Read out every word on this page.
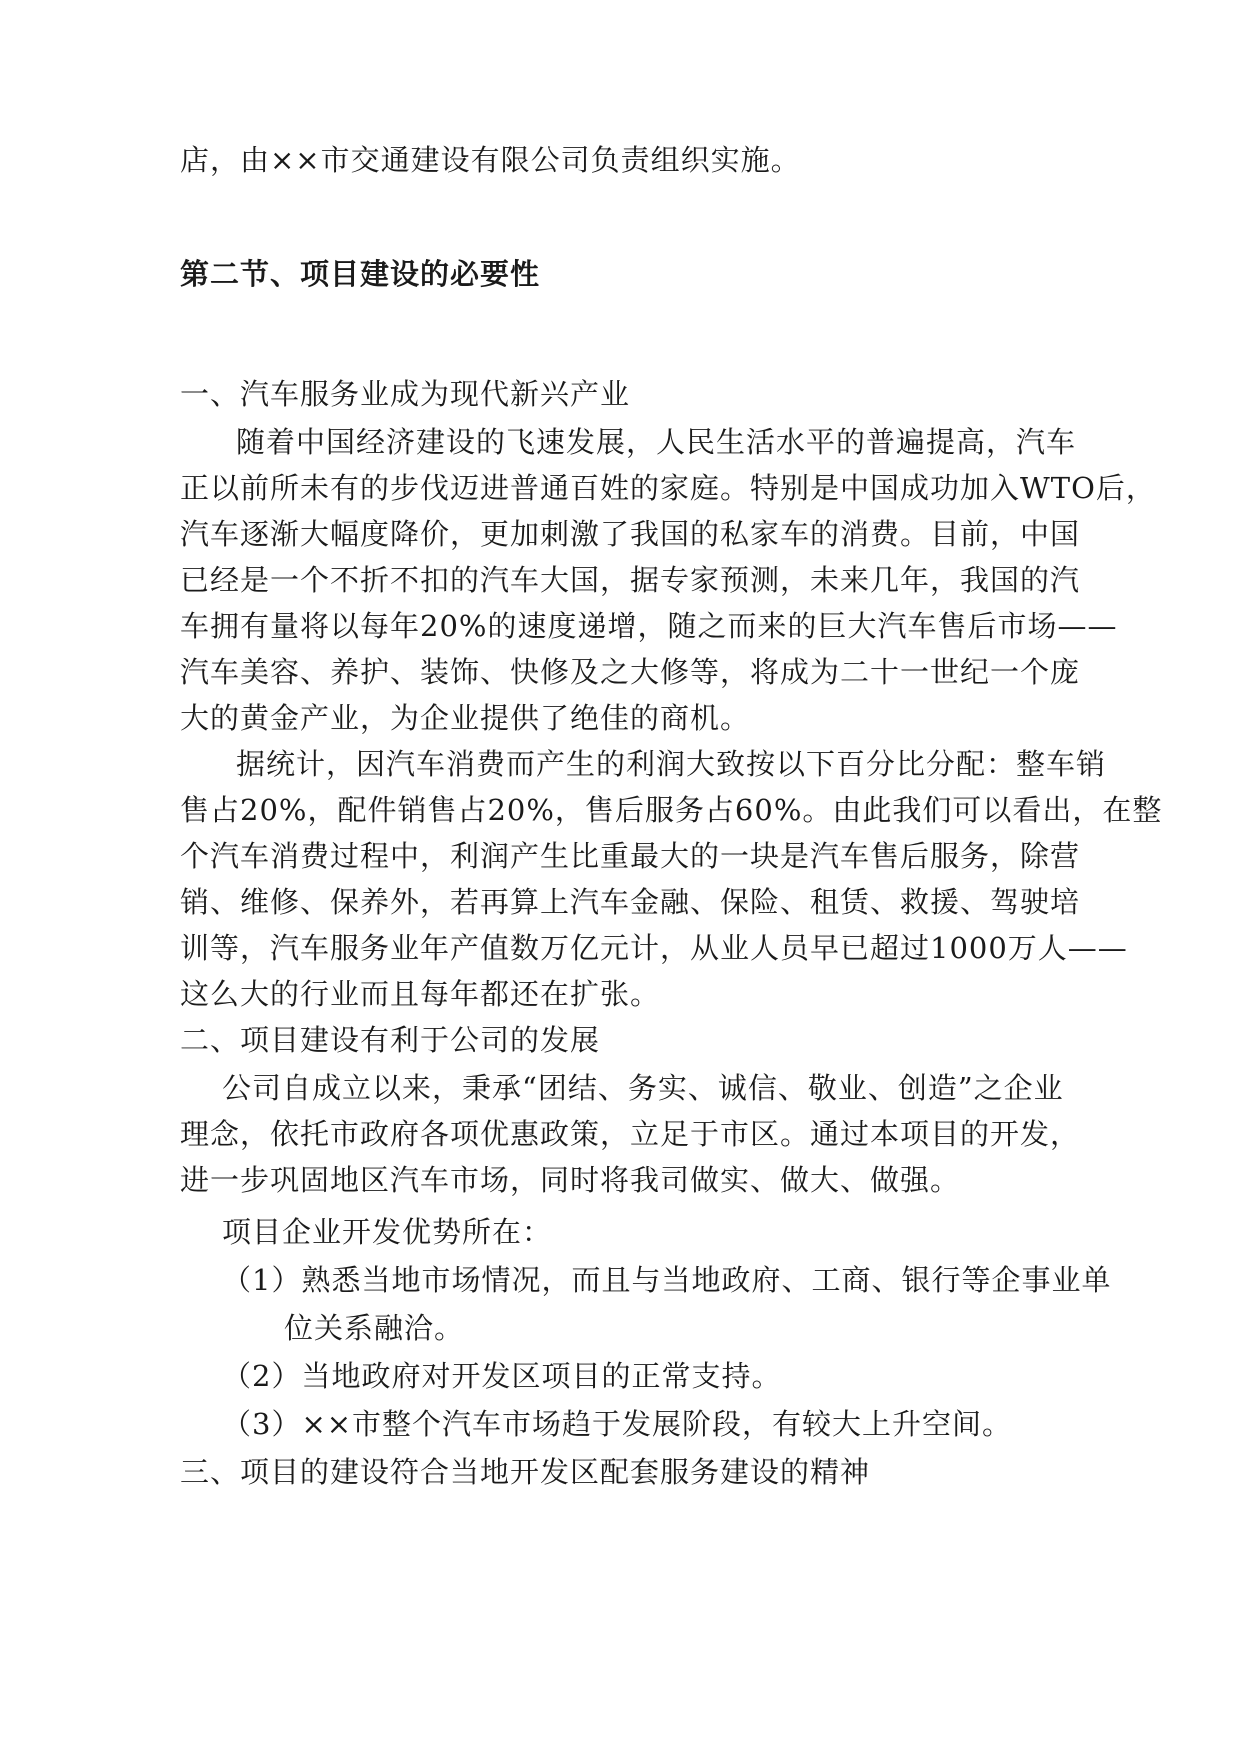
店，由××市交通建设有限公司负责组织实施。
第二节、项目建设的必要性
一、汽车服务业成为现代新兴产业
随着中国经济建设的飞速发展，人民生活水平的普遍提高，汽车
正以前所未有的步伐迈进普通百姓的家庭。特别是中国成功加入WTO后，
汽车逐渐大幅度降价，更加刺激了我国的私家车的消费。目前，中国
已经是一个不折不扣的汽车大国，据专家预测，未来几年，我国的汽
车拥有量将以每年20%的速度递增，随之而来的巨大汽车售后市场——
汽车美容、养护、装饰、快修及之大修等，将成为二十一世纪一个庞
大的黄金产业，为企业提供了绝佳的商机。
据统计，因汽车消费而产生的利润大致按以下百分比分配：整车销
售占20%，配件销售占20%，售后服务占60%。由此我们可以看出，在整
个汽车消费过程中，利润产生比重最大的一块是汽车售后服务，除营
销、维修、保养外，若再算上汽车金融、保险、租赁、救援、驾驶培
训等，汽车服务业年产值数万亿元计，从业人员早已超过1000万人——
这么大的行业而且每年都还在扩张。
二、项目建设有利于公司的发展
公司自成立以来，秉承“团结、务实、诚信、敬业、创造”之企业
理念，依托市政府各项优惠政策，立足于市区。通过本项目的开发，
进一步巩固地区汽车市场，同时将我司做实、做大、做强。
项目企业开发优势所在：
（1）熟悉当地市场情况，而且与当地政府、工商、银行等企事业单
位关系融洽。
（2）当地政府对开发区项目的正常支持。
（3）××市整个汽车市场趋于发展阶段，有较大上升空间。
三、项目的建设符合当地开发区配套服务建设的精神
